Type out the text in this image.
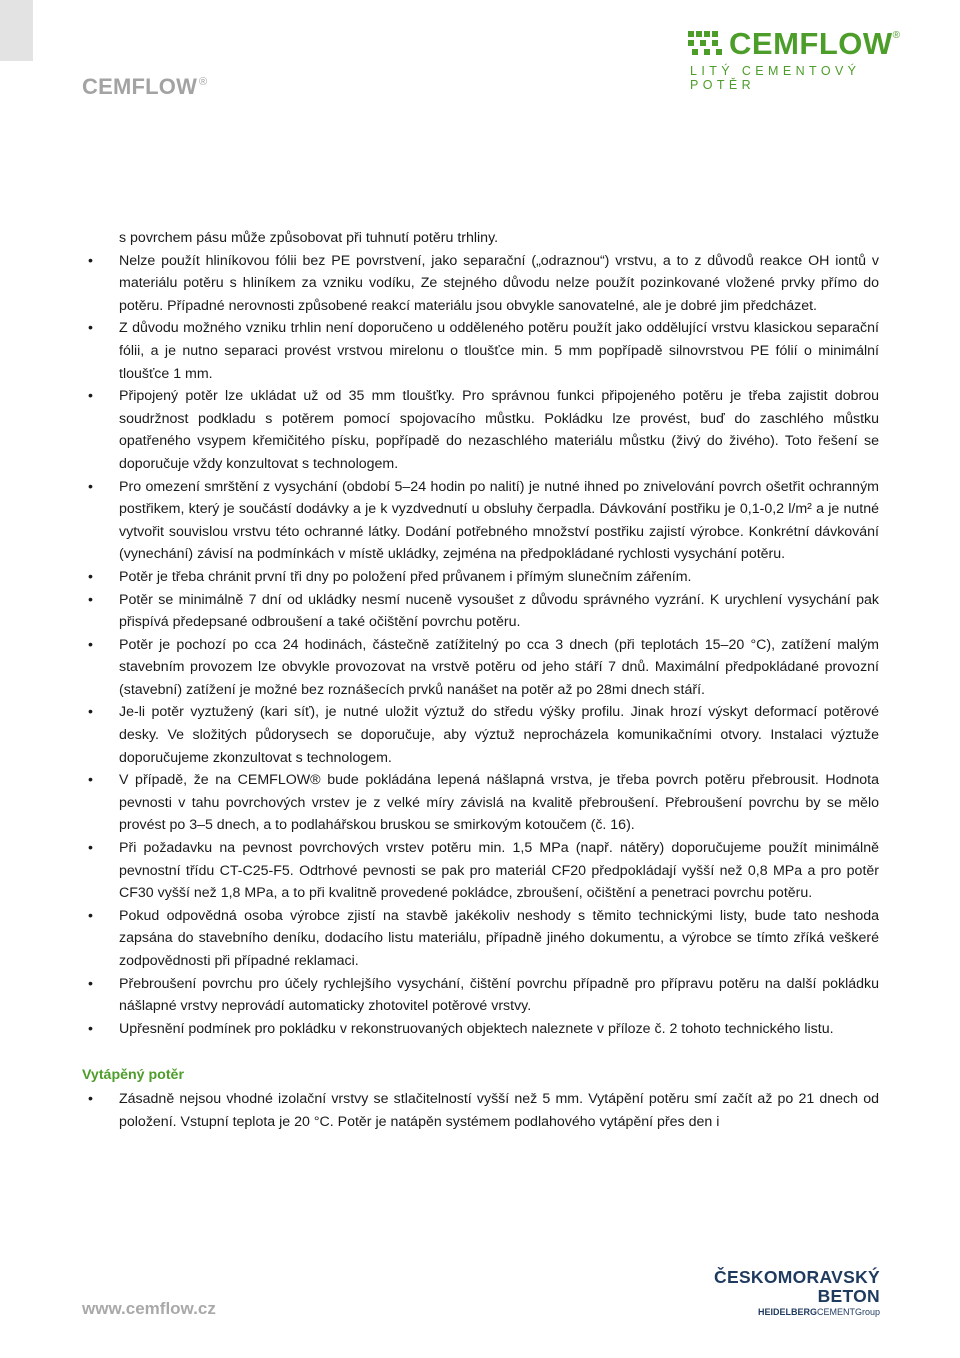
CEMFLOW ®
CEMFLOW®
LITÝ CEMENTOVÝ POTĚR

s povrchem pásu může způsobovat při tuhnutí potěru trhliny.

• Nelze použít hliníkovou fólii bez PE povrstvení, jako separační („odraznou“) vrstvu, a to z důvodů reakce OH iontů v materiálu potěru s hliníkem za vzniku vodíku, Ze stejného důvodu nelze použít pozinkované vložené prvky přímo do potěru. Případné nerovnosti způsobené reakcí materiálu jsou obvykle sanovatelné, ale je dobré jim předcházet.
• Z důvodu možného vzniku trhlin není doporučeno u odděleného potěru použít jako oddělující vrstvu klasickou separační fólii, a je nutno separaci provést vrstvou mirelonu o tloušťce min. 5 mm popřípadě silnovrstvou PE fólií o minimální tloušťce 1 mm.
• Připojený potěr lze ukládat už od 35 mm tloušťky. Pro správnou funkci připojeného potěru je třeba zajistit dobrou soudržnost podkladu s potěrem pomocí spojovacího můstku. Pokládku lze provést, buď do zaschlého můstku opatřeného vsypem křemičitého písku, popřípadě do nezaschlého materiálu můstku (živý do živého). Toto řešení se doporučuje vždy konzultovat s technologem.
• Pro omezení smrštění z vysychání (období 5–24 hodin po nalití) je nutné ihned po znivelování povrch ošetřit ochranným postřikem, který je součástí dodávky a je k vyzdvednutí u obsluhy čerpadla. Dávkování postřiku je 0,1-0,2 l/m² a je nutné vytvořit souvislou vrstvu této ochranné látky. Dodání potřebného množství postřiku zajistí výrobce. Konkrétní dávkování (vynechání) závisí na podmínkách v místě ukládky, zejména na předpokládané rychlosti vysychání potěru.
• Potěr je třeba chránit první tři dny po položení před průvanem i přímým slunečním zářením.
• Potěr se minimálně 7 dní od ukládky nesmí nuceně vysoušet z důvodu správného vyzrání. K urychlení vysychání pak přispívá předepsané odbroušení a také očištění povrchu potěru.
• Potěr je pochozí po cca 24 hodinách, částečně zatížitelný po cca 3 dnech (při teplotách 15–20 °C), zatížení malým stavebním provozem lze obvykle provozovat na vrstvě potěru od jeho stáří 7 dnů. Maximální předpokládané provozní (stavební) zatížení je možné bez roznášecích prvků nanášet na potěr až po 28mi dnech stáří.
• Je-li potěr vyztužený (kari síť), je nutné uložit výztuž do středu výšky profilu. Jinak hrozí výskyt deformací potěrové desky. Ve složitých půdorysech se doporučuje, aby výztuž neprocházela komunikačními otvory. Instalaci výztuže doporučujeme zkonzultovat s technologem.
• V případě, že na CEMFLOW® bude pokládána lepená nášlapná vrstva, je třeba povrch potěru přebrousit. Hodnota pevnosti v tahu povrchových vrstev je z velké míry závislá na kvalitě přebroušení. Přebroušení povrchu by se mělo provést po 3–5 dnech, a to podlahářskou bruskou se smirkovým kotoučem (č. 16).
• Při požadavku na pevnost povrchových vrstev potěru min. 1,5 MPa (např. nátěry) doporučujeme použít minimálně pevnostní třídu CT-C25-F5. Odtrhové pevnosti se pak pro materiál CF20 předpokládají vyšší než 0,8 MPa a pro potěr CF30 vyšší než 1,8 MPa, a to při kvalitně provedené pokládce, zbroušení, očištění a penetraci povrchu potěru.
• Pokud odpovědná osoba výrobce zjistí na stavbě jakékoliv neshody s těmito technickými listy, bude tato neshoda zapsána do stavebního deníku, dodacího listu materiálu, případně jiného dokumentu, a výrobce se tímto zříká veškeré zodpovědnosti při případné reklamaci.
• Přebroušení povrchu pro účely rychlejšího vysychání, čištění povrchu případně pro přípravu potěru na další pokládku nášlapné vrstvy neprovádí automaticky zhotovitel potěrové vrstvy.
• Upřesnění podmínek pro pokládku v rekonstruovaných objektech naleznete v příloze č. 2 tohoto technického listu.

Vytápěný potěr

• Zásadně nejsou vhodné izolační vrstvy se stlačitelností vyšší než 5 mm. Vytápění potěru smí začít až po 21 dnech od položení. Vstupní teplota je 20 °C. Potěr je natápěn systémem podlahového vytápění přes den i
www.cemflow.cz
ČESKOMORAVSKÝ
BETON
HEIDELBERGCEMENTGroup
